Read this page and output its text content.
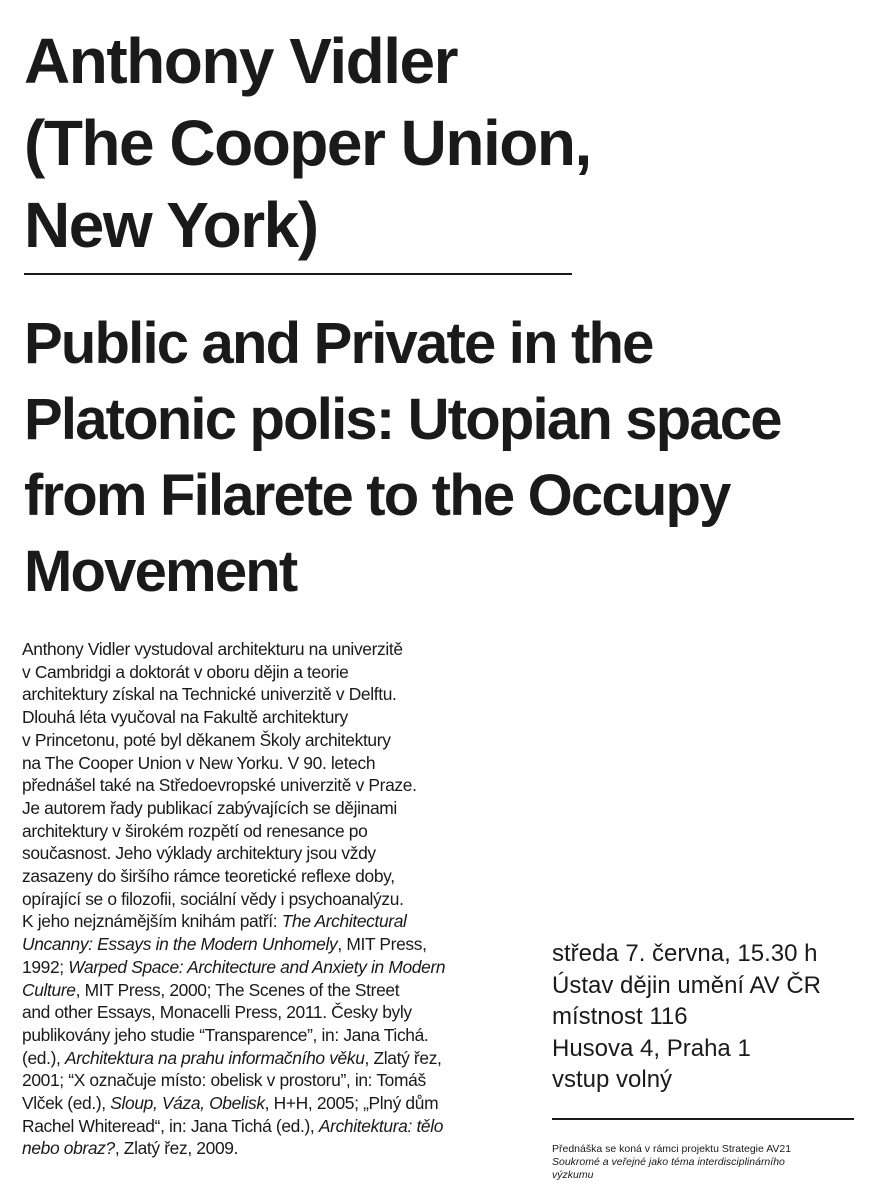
Anthony Vidler
(The Cooper Union,
New York)
Public and Private in the
Platonic polis: Utopian space
from Filarete to the Occupy
Movement

Anthony Vidler vystudoval architekturu na univerzitě
v Cambridgi a doktorát v oboru dějin a teorie
architektury získal na Technické univerzitě v Delftu.
Dlouhá léta vyučoval na Fakultě architektury
v Princetonu, poté byl děkanem Školy architektury
na The Cooper Union v New Yorku. V 90. letech
přednášel také na Středoevropské univerzitě v Praze.
Je autorem řady publikací zabývajících se dějinami
architektury v širokém rozpětí od renesance po
současnost. Jeho výklady architektury jsou vždy
zasazeny do širšího rámce teoretické reflexe doby,
opírající se o filozofii, sociální vědy i psychoanalýzu.
K jeho nejznámějším knihám patří: The Architectural
Uncanny: Essays in the Modern Unhomely, MIT Press,
1992; Warped Space: Architecture and Anxiety in Modern
Culture, MIT Press, 2000; The Scenes of the Street
and other Essays, Monacelli Press, 2011. Česky byly
publikovány jeho studie “Transparence”, in: Jana Tichá.
(ed.), Architektura na prahu informačního věku, Zlatý řez,
2001; “X označuje místo: obelisk v prostoru”, in: Tomáš
Vlček (ed.), Sloup, Váza, Obelisk, H+H, 2005; „Plný dům
Rachel Whiteread“, in: Jana Tichá (ed.), Architektura: tělo
nebo obraz?, Zlatý řez, 2009.

středa 7. června, 15.30 h
Ústav dějin umění AV ČR
místnost 116
Husova 4, Praha 1
vstup volný
Přednáška se koná v rámci projektu Strategie AV21
Soukromé a veřejné jako téma interdisciplinárního
výzkumu
